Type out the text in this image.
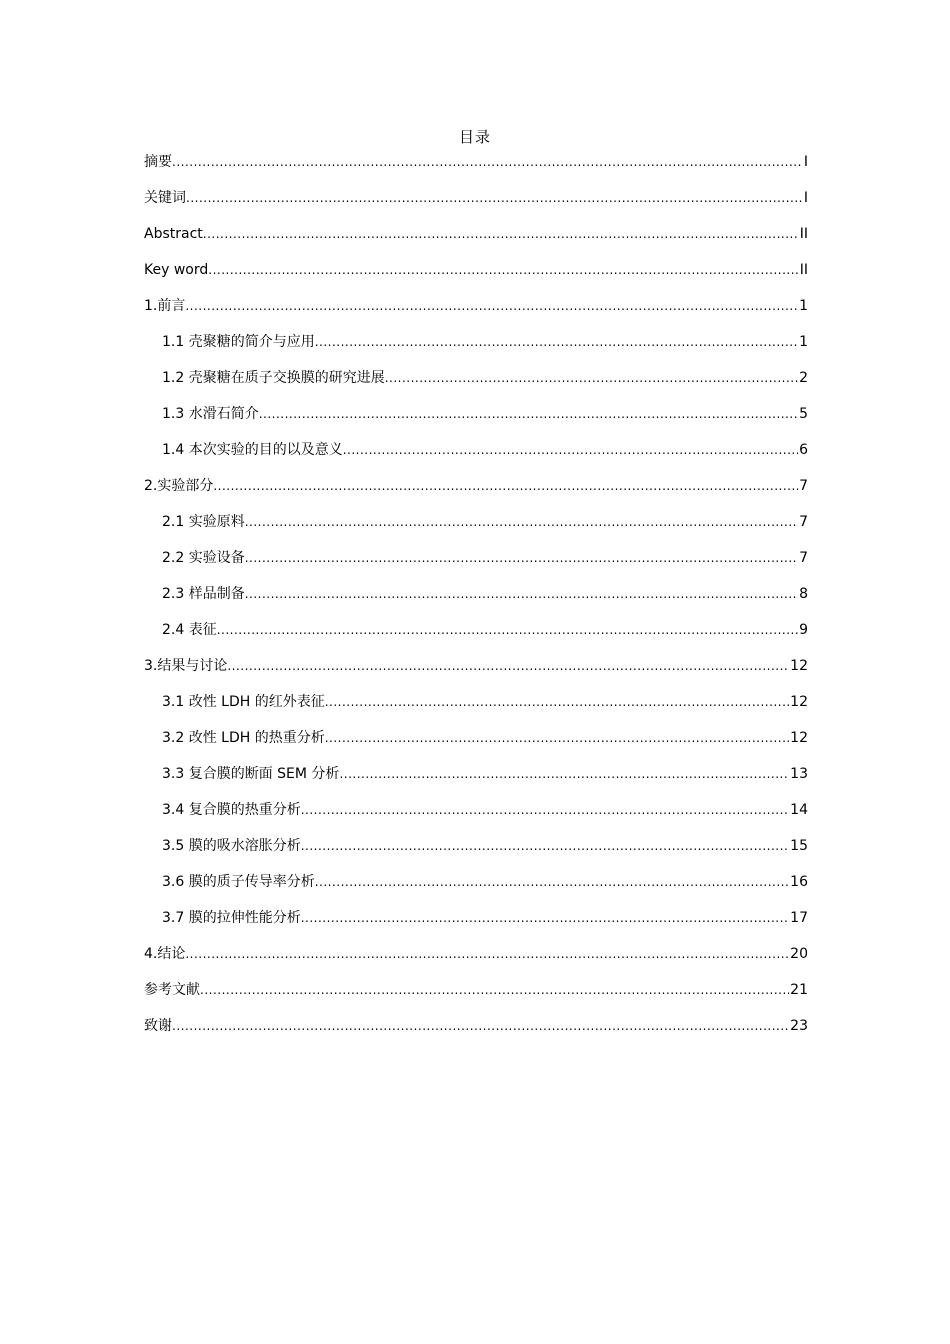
目录
摘要 .....	I
关键词 .....	I
Abstract .....	II
Key word .....	II
1.前言 .....	1
1.1 壳聚糖的简介与应用 .....	1
1.2 壳聚糖在质子交换膜的研究进展 .....	2
1.3 水滑石简介 .....	5
1.4 本次实验的目的以及意义 .....	6
2.实验部分 .....	7
2.1 实验原料 .....	7
2.2 实验设备 .....	7
2.3 样品制备 .....	8
2.4 表征 .....	9
3.结果与讨论 .....	12
3.1 改性 LDH 的红外表征 .....	12
3.2 改性 LDH 的热重分析 .....	12
3.3 复合膜的断面 SEM 分析 .....	13
3.4 复合膜的热重分析 .....	14
3.5 膜的吸水溶胀分析 .....	15
3.6 膜的质子传导率分析 .....	16
3.7 膜的拉伸性能分析 .....	17
4.结论 .....	20
参考文献 .....	21
致谢 .....	23
